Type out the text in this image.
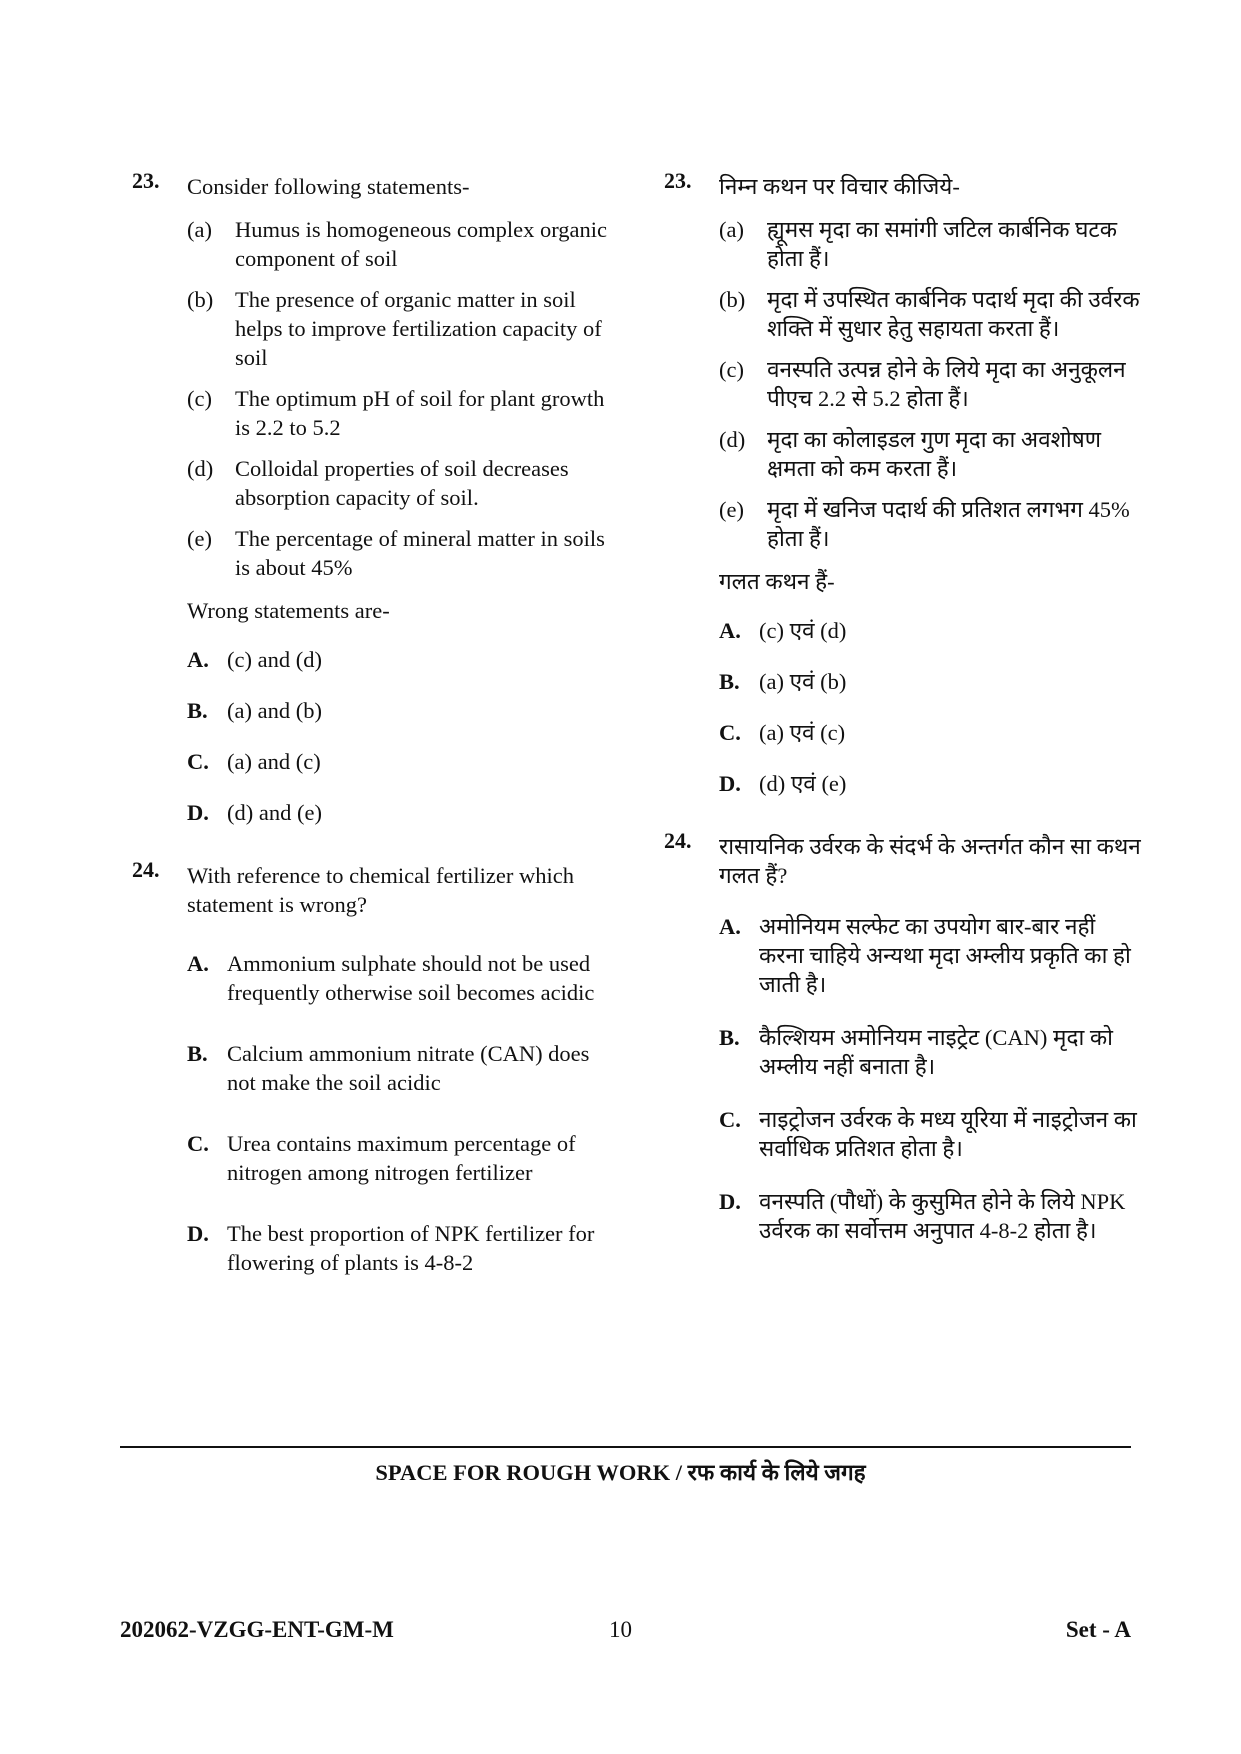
23. Consider following statements-
(a) Humus is homogeneous complex organic component of soil
(b) The presence of organic matter in soil helps to improve fertilization capacity of soil
(c) The optimum pH of soil for plant growth is 2.2 to 5.2
(d) Colloidal properties of soil decreases absorption capacity of soil.
(e) The percentage of mineral matter in soils is about 45%
Wrong statements are-
A. (c) and (d)
B. (a) and (b)
C. (a) and (c)
D. (d) and (e)
24. With reference to chemical fertilizer which statement is wrong?
A. Ammonium sulphate should not be used frequently otherwise soil becomes acidic
B. Calcium ammonium nitrate (CAN) does not make the soil acidic
C. Urea contains maximum percentage of nitrogen among nitrogen fertilizer
D. The best proportion of NPK fertilizer for flowering of plants is 4-8-2
23. निम्न कथन पर विचार कीजिये-
(a) ह्यूमस मृदा का समांगी जटिल कार्बनिक घटक होता हैं।
(b) मृदा में उपस्थित कार्बनिक पदार्थ मृदा की उर्वरक शक्ति में सुधार हेतु सहायता करता हैं।
(c) वनस्पति उत्पन्न होने के लिये मृदा का अनुकूलन पीएच 2.2 से 5.2 होता हैं।
(d) मृदा का कोलाइडल गुण मृदा का अवशोषण क्षमता को कम करता हैं।
(e) मृदा में खनिज पदार्थ की प्रतिशत लगभग 45% होता हैं।
गलत कथन हैं-
A. (c) एवं (d)
B. (a) एवं (b)
C. (a) एवं (c)
D. (d) एवं (e)
24. रासायनिक उर्वरक के संदर्भ के अन्तर्गत कौन सा कथन गलत हैं?
A. अमोनियम सल्फेट का उपयोग बार-बार नहीं करना चाहिये अन्यथा मृदा अम्लीय प्रकृति का हो जाती है।
B. कैल्शियम अमोनियम नाइट्रेट (CAN) मृदा को अम्लीय नहीं बनाता है।
C. नाइट्रोजन उर्वरक के मध्य यूरिया में नाइट्रोजन का सर्वाधिक प्रतिशत होता है।
D. वनस्पति (पौधों) के कुसुमित होने के लिये NPK उर्वरक का सर्वोत्तम अनुपात 4-8-2 होता है।
SPACE FOR ROUGH WORK / रफ कार्य के लिये जगह
202062-VZGG-ENT-GM-M	10	Set - A
